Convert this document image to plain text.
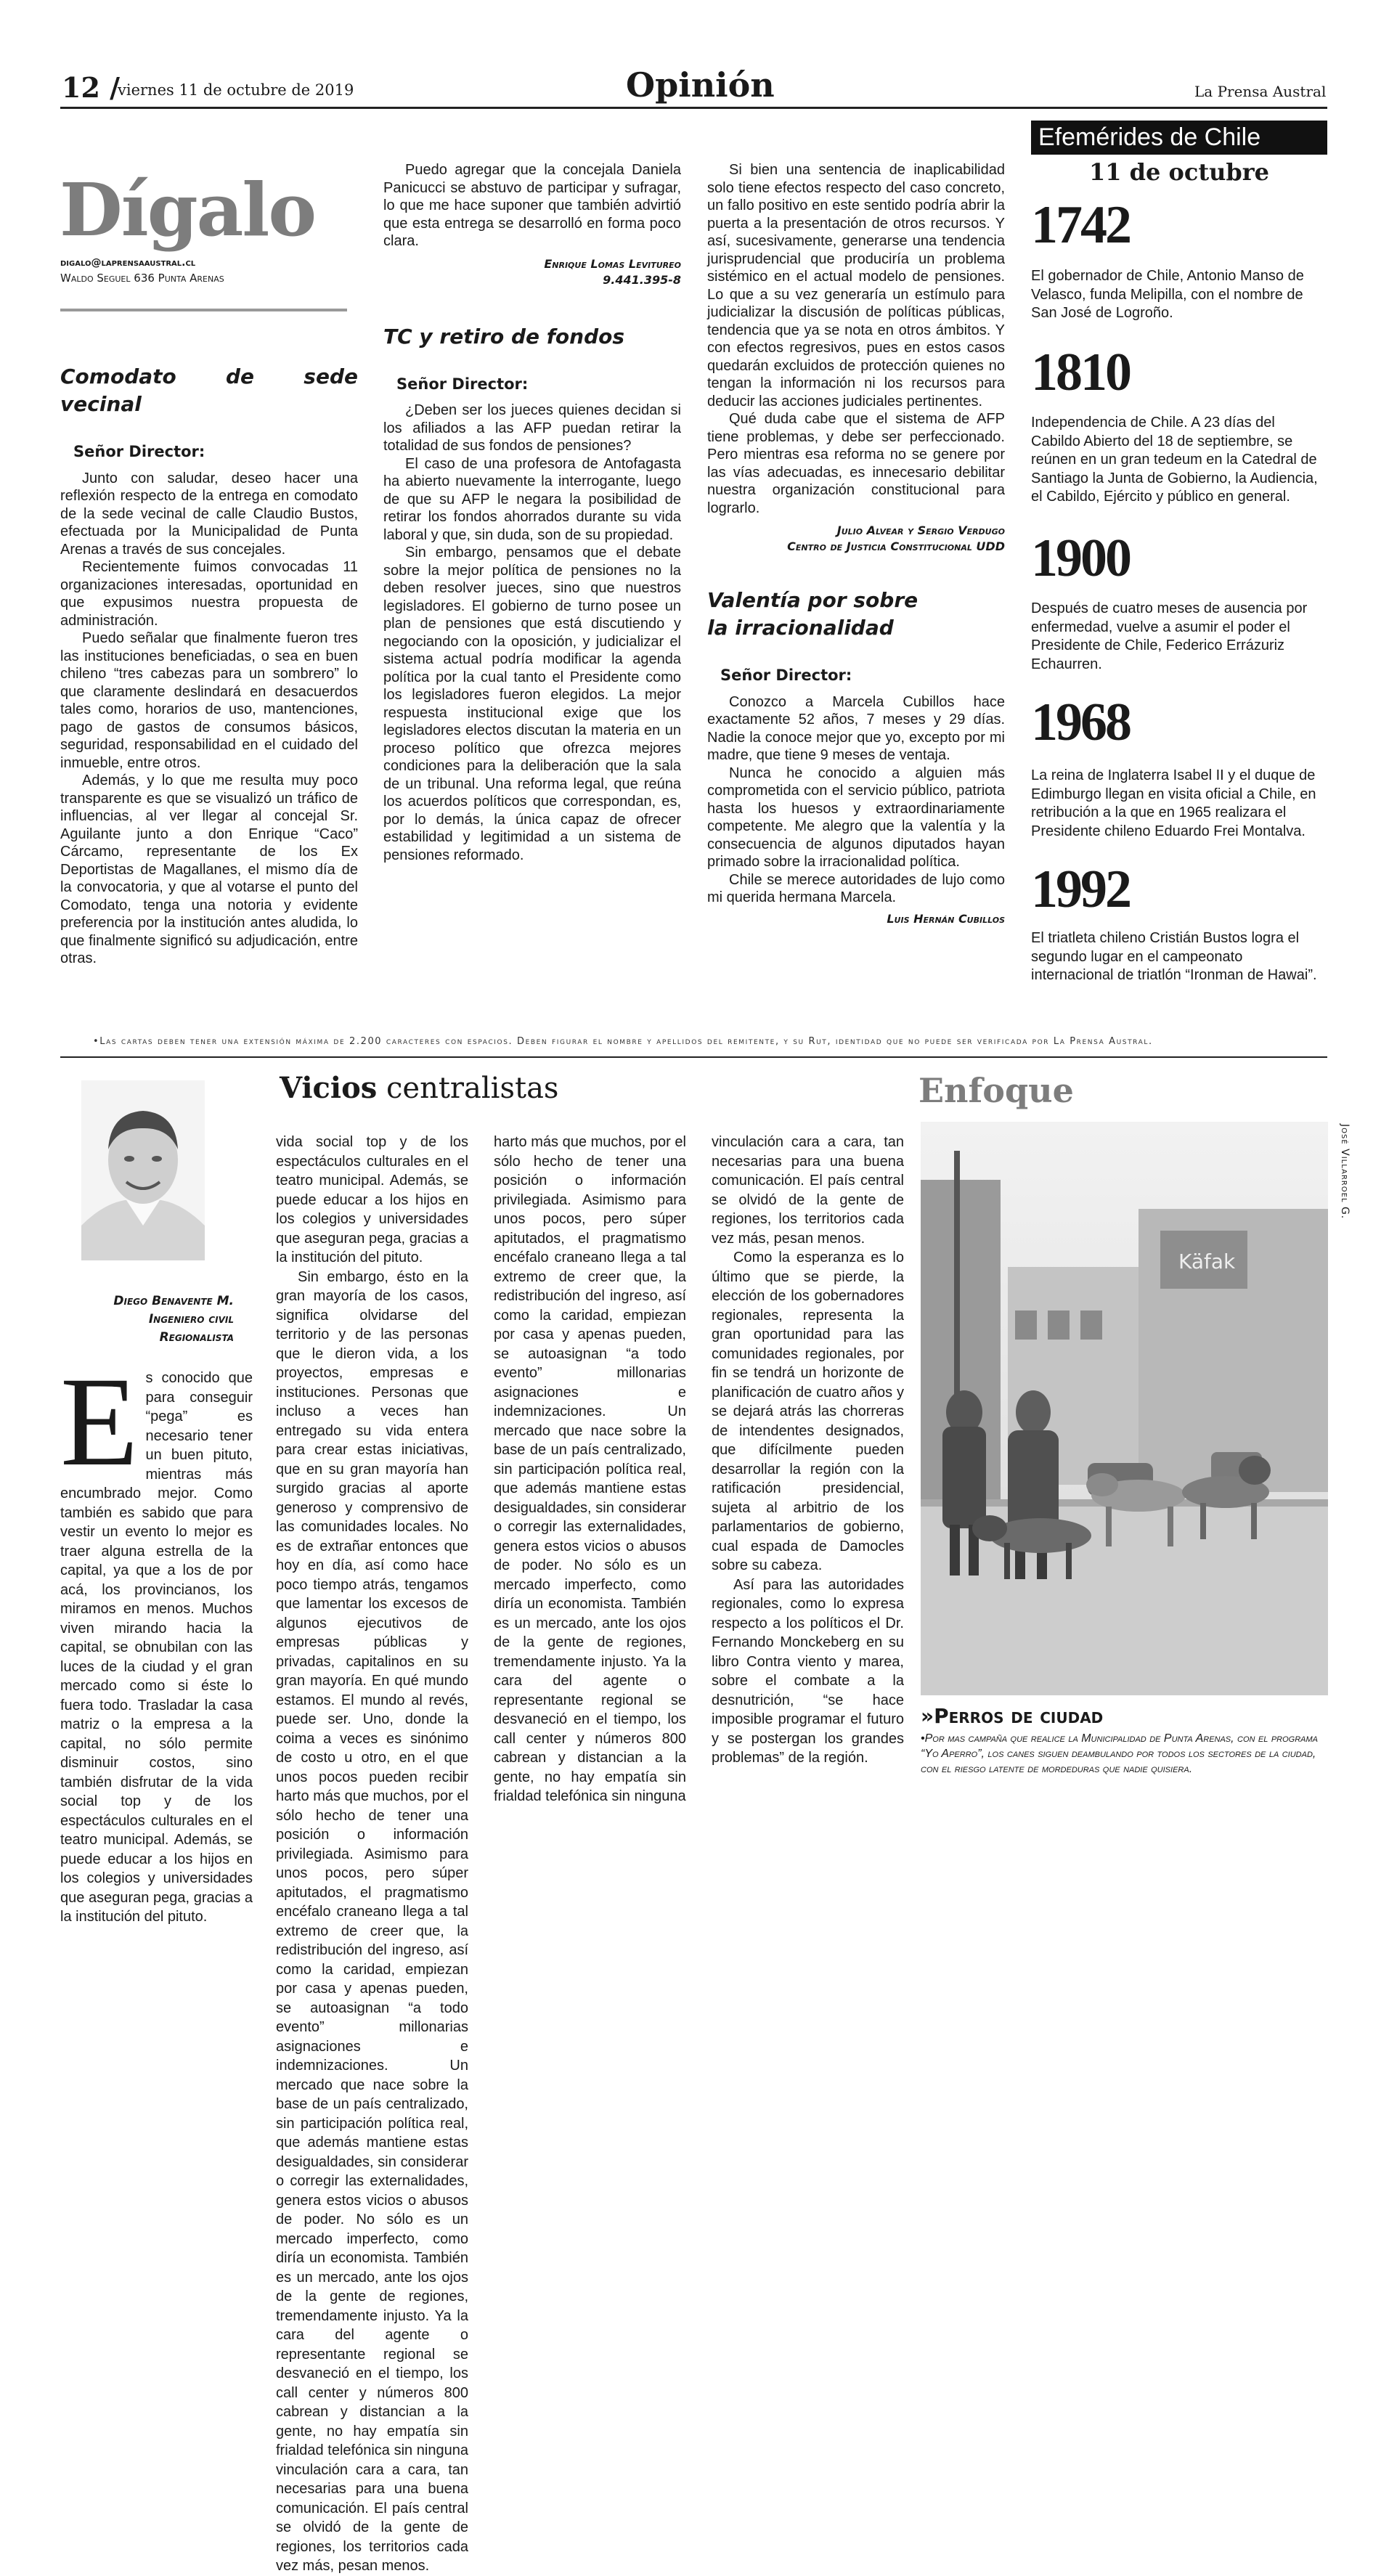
12 /
viernes 11 de octubre de 2019	Opinión	La Prensa Austral
Dígalo
digalo@laprensaaustral.cl
Waldo Seguel 636 Punta Arenas
Comodato de sede vecinal
Señor Director:

Junto con saludar, deseo hacer una reflexión respecto de la entrega en comodato de la sede vecinal de calle Claudio Bustos, efectuada por la Municipalidad de Punta Arenas a través de sus concejales.

Recientemente fuimos convocadas 11 organizaciones interesadas, oportunidad en que expusimos nuestra propuesta de administración.

Puedo señalar que finalmente fueron tres las instituciones beneficiadas, o sea en buen chileno “tres cabezas para un sombrero” lo que claramente deslindará en desacuerdos tales como, horarios de uso, mantenciones, pago de gastos de consumos básicos, seguridad, responsabilidad en el cuidado del inmueble, entre otros.

Además, y lo que me resulta muy poco transparente es que se visualizó un tráfico de influencias, al ver llegar al concejal Sr. Aguilante junto a don Enrique “Caco” Cárcamo, representante de los Ex Deportistas de Magallanes, el mismo día de la convocatoria, y que al votarse el punto del Comodato, tenga una notoria y evidente preferencia por la institución antes aludida, lo que finalmente significó su adjudicación, entre otras.

Puedo agregar que la concejala Daniela Panicucci se abstuvo de participar y sufragar, lo que me hace suponer que también advirtió que esta entrega se desarrolló en forma poco clara.

Enrique Lomas Levitureo
9.441.395-8
TC y retiro de fondos
Señor Director:

¿Deben ser los jueces quienes decidan si los afiliados a las AFP puedan retirar la totalidad de sus fondos de pensiones?

El caso de una profesora de Antofagasta ha abierto nuevamente la interrogante, luego de que su AFP le negara la posibilidad de retirar los fondos ahorrados durante su vida laboral y que, sin duda, son de su propiedad.

Sin embargo, pensamos que el debate sobre la mejor política de pensiones no la deben resolver jueces, sino que nuestros legisladores. El gobierno de turno posee un plan de pensiones que está discutiendo y negociando con la oposición, y judicializar el sistema actual podría modificar la agenda política por la cual tanto el Presidente como los legisladores fueron elegidos. La mejor respuesta institucional exige que los legisladores electos discutan la materia en un proceso político que ofrezca mejores condiciones para la deliberación que la sala de un tribunal. Una reforma legal, que reúna los acuerdos políticos que correspondan, es, por lo demás, la única capaz de ofrecer estabilidad y legitimidad a un sistema de pensiones reformado.

Si bien una sentencia de inaplicabilidad solo tiene efectos respecto del caso concreto, un fallo positivo en este sentido podría abrir la puerta a la presentación de otros recursos. Y así, sucesivamente, generarse una tendencia jurisprudencial que produciría un problema sistémico en el actual modelo de pensiones. Lo que a su vez generaría un estímulo para judicializar la discusión de políticas públicas, tendencia que ya se nota en otros ámbitos. Y con efectos regresivos, pues en estos casos quedarán excluidos de protección quienes no tengan la información ni los recursos para deducir las acciones judiciales pertinentes.

Qué duda cabe que el sistema de AFP tiene problemas, y debe ser perfeccionado. Pero mientras esa reforma no se genere por las vías adecuadas, es innecesario debilitar nuestra organización constitucional para lograrlo.

Julio Alvear y Sergio Verdugo
Centro de Justicia Constitucional UDD
Valentía por sobre
la irracionalidad
Señor Director:

Conozco a Marcela Cubillos hace exactamente 52 años, 7 meses y 29 días. Nadie la conoce mejor que yo, excepto por mi madre, que tiene 9 meses de ventaja.

Nunca he conocido a alguien más comprometida con el servicio público, patriota hasta los huesos y extraordinariamente competente. Me alegro que la valentía y la consecuencia de algunos diputados hayan primado sobre la irracionalidad política.

Chile se merece autoridades de lujo como mi querida hermana Marcela.

Luis Hernán Cubillos
Efemérides de Chile
11 de octubre
1742
El gobernador de Chile, Antonio Manso de Velasco, funda Melipilla, con el nombre de San José de Logroño.
1810
Independencia de Chile. A 23 días del Cabildo Abierto del 18 de septiembre, se reúnen en un gran tedeum en la Catedral de Santiago la Junta de Gobierno, la Audiencia, el Cabildo, Ejército y público en general.
1900
Después de cuatro meses de ausencia por enfermedad, vuelve a asumir el poder el Presidente de Chile, Federico Errázuriz Echaurren.
1968
La reina de Inglaterra Isabel II y el duque de Edimburgo llegan en visita oficial a Chile, en retribución a la que en 1965 realizara el Presidente chileno Eduardo Frei Montalva.
1992
El triatleta chileno Cristián Bustos logra el segundo lugar en el campeonato internacional de triatlón “Ironman de Hawai”.
•Las cartas deben tener una extensión máxima de 2.200 caracteres con espacios. Deben figurar el nombre y apellidos del remitente, y su Rut, identidad que no puede ser verificada por La Prensa Austral.
Diego Benavente M.
Ingeniero civil
Regionalista
Vicios centralistas
E s conocido que para conseguir “pega” es necesario tener un buen pituto, mientras más encumbrado mejor. Como también es sabido que para vestir un evento lo mejor es traer alguna estrella de la capital, ya que a los de por acá, los provincianos, los miramos en menos. Muchos viven mirando hacia la capital, se obnubilan con las luces de la ciudad y el gran mercado como si éste lo fuera todo. Trasladar la casa matriz o la empresa a la capital, no sólo permite disminuir costos, sino también disfrutar de la vida social top y de los espectáculos culturales en el teatro municipal. Además, se puede educar a los hijos en los colegios y universidades que aseguran pega, gracias a la institución del pituto.

vida social top y de los espectáculos culturales en el teatro municipal. Además, se puede educar a los hijos en los colegios y universidades que aseguran pega, gracias a la institución del pituto.

Sin embargo, ésto en la gran mayoría de los casos, significa olvidarse del territorio y de las personas que le dieron vida, a los proyectos, empresas e instituciones. Personas que incluso a veces han entregado su vida entera para crear estas iniciativas, que en su gran mayoría han surgido gracias al aporte generoso y comprensivo de las comunidades locales. No es de extrañar entonces que hoy en día, así como hace poco tiempo atrás, tengamos que lamentar los excesos de algunos ejecutivos de empresas públicas y privadas, capitalinos en su gran mayoría. En qué mundo estamos. El mundo al revés, puede ser. Uno, donde la coima a veces es sinónimo de costo u otro, en el que unos pocos pueden recibir harto más que muchos, por el sólo hecho de tener una posición o información privilegiada. Asimismo para unos pocos, pero súper apitutados, el pragmatismo encéfalo craneano llega a tal extremo de creer que, la redistribución del ingreso, así como la caridad, empiezan por casa y apenas pueden, se autoasignan “a todo evento” millonarias asignaciones e indemnizaciones. Un mercado que nace sobre la base de un país centralizado, sin participación política real, que además mantiene estas desigualdades, sin considerar o corregir las externalidades, genera estos vicios o abusos de poder. No sólo es un mercado imperfecto, como diría un economista. También es un mercado, ante los ojos de la gente de regiones, tremendamente injusto. Ya la cara del agente o representante regional se desvaneció en el tiempo, los call center y números 800 cabrean y distancian a la gente, no hay empatía sin frialdad telefónica sin ninguna vinculación cara a cara, tan necesarias para una buena comunicación. El país central se olvidó de la gente de regiones, los territorios cada vez más, pesan menos.

harto más que muchos, por el sólo hecho de tener una posición o información privilegiada. Asimismo para unos pocos, pero súper apitutados, el pragmatismo encéfalo craneano llega a tal extremo de creer que, la redistribución del ingreso, así como la caridad, empiezan por casa y apenas pueden, se autoasignan “a todo evento” millonarias asignaciones e indemnizaciones. Un mercado que nace sobre la base de un país centralizado, sin participación política real, que además mantiene estas desigualdades, sin considerar o corregir las externalidades, genera estos vicios o abusos de poder. No sólo es un mercado imperfecto, como diría un economista. También es un mercado, ante los ojos de la gente de regiones, tremendamente injusto. Ya la cara del agente o representante regional se desvaneció en el tiempo, los call center y números 800 cabrean y distancian a la gente, no hay empatía sin frialdad telefónica sin ninguna

vinculación cara a cara, tan necesarias para una buena comunicación. El país central se olvidó de la gente de regiones, los territorios cada vez más, pesan menos.

Como la esperanza es lo último que se pierde, la elección de los gobernadores regionales, representa la gran oportunidad para las comunidades regionales, por fin se tendrá un horizonte de planificación de cuatro años y se dejará atrás las chorreras de intendentes designados, que difícilmente pueden desarrollar la región con la ratificación presidencial, sujeta al arbitrio de los parlamentarios de gobierno, cual espada de Damocles sobre su cabeza.

Así para las autoridades regionales, como lo expresa respecto a los políticos el Dr. Fernando Monckeberg en su libro Contra viento y marea, sobre el combate a la desnutrición, “se hace imposible programar el futuro y se postergan los grandes problemas” de la región.

Enfoque
Käfak
José Villarroel G.
»Perros de ciudad
•Por mas campaña que realice la Municipalidad de Punta Arenas, con el programa “Yo Aperro”, los canes siguen deambulando por todos los sectores de la ciudad, con el riesgo latente de mordeduras que nadie quisiera.
